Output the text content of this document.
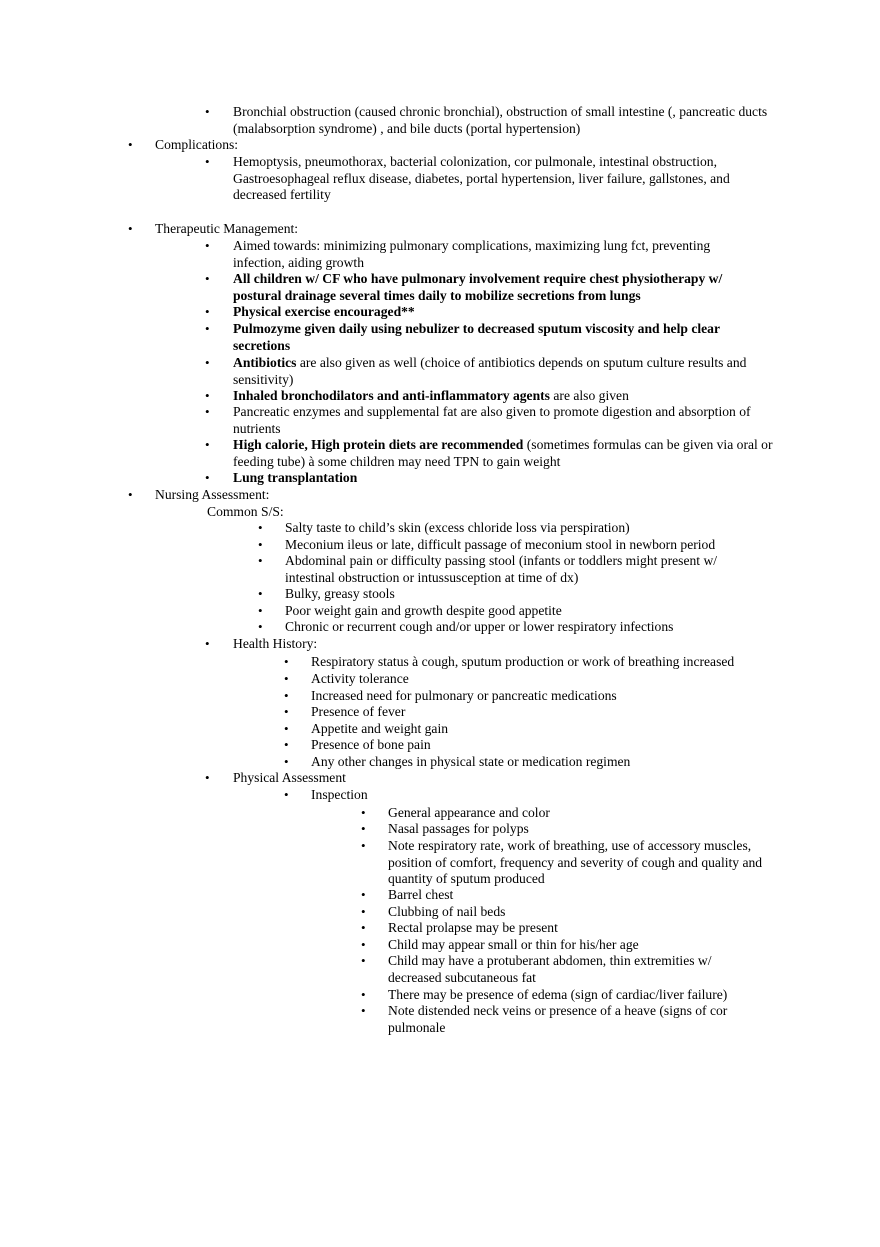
• Bronchial obstruction (caused chronic bronchial), obstruction of small intestine (, pancreatic ducts (malabsorption syndrome) , and bile ducts (portal hypertension)
• Complications:
• Hemoptysis, pneumothorax, bacterial colonization, cor pulmonale, intestinal obstruction, Gastroesophageal reflux disease, diabetes, portal hypertension, liver failure, gallstones, and decreased fertility
• Therapeutic Management:
• Aimed towards: minimizing pulmonary complications, maximizing lung fct, preventing infection, aiding growth
• All children w/ CF who have pulmonary involvement require chest physiotherapy w/ postural drainage several times daily to mobilize secretions from lungs
• Physical exercise encouraged**
• Pulmozyme given daily using nebulizer to decreased sputum viscosity and help clear secretions
• Antibiotics are also given as well (choice of antibiotics depends on sputum culture results and sensitivity)
• Inhaled bronchodilators and anti-inflammatory agents are also given
• Pancreatic enzymes and supplemental fat are also given to promote digestion and absorption of nutrients
• High calorie, High protein diets are recommended (sometimes formulas can be given via oral or feeding tube) à some children may need TPN to gain weight
• Lung transplantation
• Nursing Assessment:
Common S/S:
• Salty taste to child’s skin (excess chloride loss via perspiration)
• Meconium ileus or late, difficult passage of meconium stool in newborn period
• Abdominal pain or difficulty passing stool (infants or toddlers might present w/ intestinal obstruction or intussusception at time of dx)
• Bulky, greasy stools
• Poor weight gain and growth despite good appetite
• Chronic or recurrent cough and/or upper or lower respiratory infections
• Health History:
• Respiratory status à cough, sputum production or work of breathing increased
• Activity tolerance
• Increased need for pulmonary or pancreatic medications
• Presence of fever
• Appetite and weight gain
• Presence of bone pain
• Any other changes in physical state or medication regimen
• Physical Assessment
• Inspection
• General appearance and color
• Nasal passages for polyps
• Note respiratory rate, work of breathing, use of accessory muscles, position of comfort, frequency and severity of cough and quality and quantity of sputum produced
• Barrel chest
• Clubbing of nail beds
• Rectal prolapse may be present
• Child may appear small or thin for his/her age
• Child may have a protuberant abdomen, thin extremities w/ decreased subcutaneous fat
• There may be presence of edema (sign of cardiac/liver failure)
• Note distended neck veins or presence of a heave (signs of cor pulmonale
